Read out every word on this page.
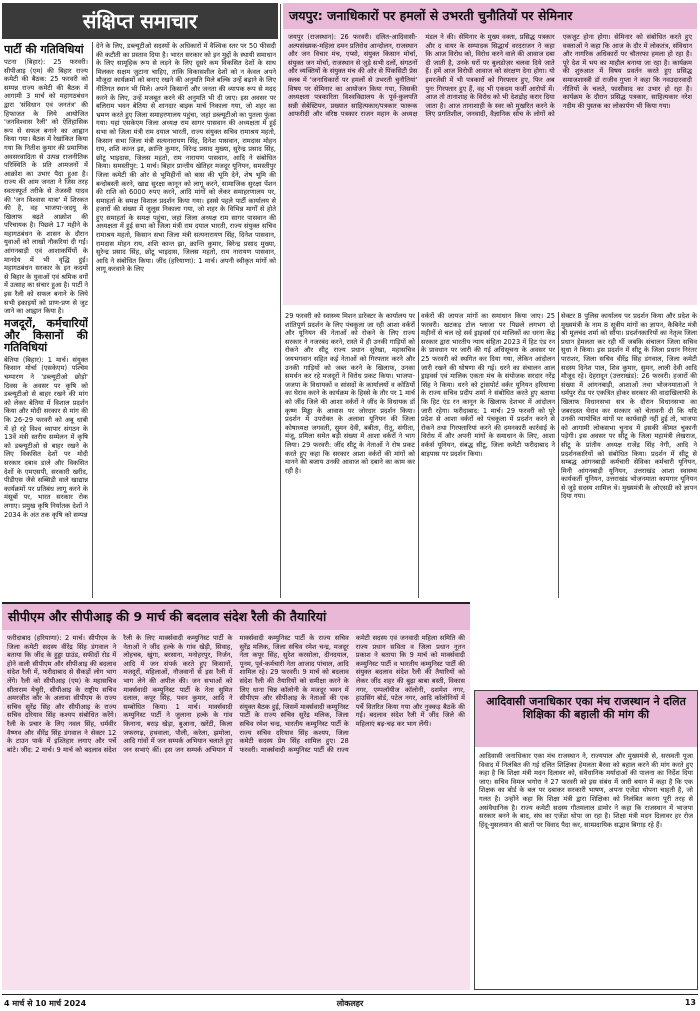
संक्षिप्त समाचार
पार्टी की गतिविधियां

पटना (बिहार): 25 फरवरी। सीपीआइ (एम) की बिहार राज्य कमेटी की बैठक: 25 फरवरी को सम्पन्न राज्य कमेटी की बैठक में आगामी 3 मार्च को महागठबंधन द्वारा 'संविधान एवं जनतंत्र' की हिफाजत के लिये आयोजित 'जनविश्वास रैली' को ऐतिहासिक रूप से सफल बनाने का आह्वान किया गया। बैठक में रेखांकित किया गया कि नितीश कुमार की प्रमाणिक अवसरवादिता से उत्पन्न राजनीतिक परिस्थिति के प्रति आमजनों में आक्रोश का उभार पैदा हुआ है। राज्य की आम जनता ने जिस तरह स्वतःस्फूर्त तरीके से तेजस्वी यादव की 'जन विश्वास यात्रा' में शिरकत की है, वह भाजपा-जदयू के खिलाफ बढ़ते आक्रोश की परिचायक है। पिछले 17 महीने के महागठबंधन के शासन के दौरान युवाओं को लाखों नौकरियां दी गईं। आंगनबाड़ी एवं आशाकर्मियों के मानदेय में भी वृद्धि हुई। महागठबंधन सरकार के इन कदमों से बिहार के युवाओं एवं श्रमिक वर्गों में उत्साह का संचार हुआ है। पार्टी ने इस रैली को सफल बनाने के लिये सभी इकाइयों को प्राण-प्रण से जुट जाने का आह्वान किया है।

मजदूरों, कर्मचारियों और किसानों की गतिविधियां

बेतिया (बिहार): 1 मार्च। संयुक्त किसान मोर्चा (एसकेएम) पश्चिम चम्पारण ने 'डब्ल्यूटीओ छोड़ो' दिवस के अवसर पर कृषि को डब्ल्यूटीओ से बाहर रखने की मांग को लेकर बेतिया में विशाल प्रदर्शन किया और मोदी सरकार से मांग की कि 26-29 फरवरी को अबू धाबी में हो रहे विश्व व्यापार संगठन के 13वें मंत्री स्तरीय सम्मेलन में कृषि को डब्ल्यूटीओ से बाहर रखने के लिए विकसित देशों पर मोदी सरकार दबाव डाले और विकसित देशों के एमएसपी, सरकारी खरीद, पीडीएस जैसे सब्सिडी वाले खाद्यान्न कार्यक्रमों पर प्रतिबंध लागू करने के मंसूबों पर, भारत सरकार रोक लगाए। प्रमुख कृषि निर्यातक देशों ने 2034 के अंत तक कृषि को सम्पन्न

देने के लिए, डब्ल्यूटीओ सदस्यों के अधिकारों में वैश्विक स्तर पर 50 फीसदी की कटौती का प्रस्ताव दिया है। भारत सरकार को इन मुद्दों के स्थायी समाधान के लिए सामूहिक रूप से लड़ने के लिए दूसरे कम विकसित देशों के साथ मिलकर सक्षम जुटाना चाहिए, ताकि विकासशील देशों को न केवल अपने मौजूदा कार्यक्रमों को बनाए रखने की अनुमति मिले बल्कि उन्हें बढ़ाने के लिए नीतिगत स्थान भी मिले। अपने किसानों और जनता की व्यापक रूप से मदद करने के लिए, उन्हें मजबूत करने की अनुमति भी दी जाए। इस अवसर पर बलिराम भवन बेतिया से शानदार बाइक मार्च निकाला गया, जो शहर का भ्रमण करते हुए जिला समाहरणालय पहुंचा, जहां डब्ल्यूटीओ का पुतला फूंका गया। यहां एसकेएम जिला अध्यक्ष राम सागर पासवान की अध्यक्षता में हुई सभा को जिला मंत्री राम दयाल भारती, राज्य संयुक्त सचिव रामाश्रय महतो, किसान सभा जिला मंत्री सत्यनारायण सिंह, दिनेश पासवान, रामदास मोहन राय, शशि कान्त झा, क्रान्ति कुमार, विरेन्द्र प्रसाद मुख्या, सुरेन्द्र प्रसाद सिंह, छोटू भाइदास, जिलस महतो, राम नारायण पासवान, आदि ने संबोधित किया। समस्तीपुर: 1 मार्च। बिहार प्रान्तीय खेतिहर मजदूर यूनियन, समस्तीपुर जिला कमेटी की ओर से भूमिहीनों को बास की भूमि देने, शेष भूमि की बन्दोबस्ती करने, खाद्य सुरक्षा कानून को लागू करने, सामाजिक सुरक्षा पेंशन की राशि को 6000 रुपए करने, आदि मांगों को लेकर समाहरणालय पर, समाहर्ता के समक्ष विशाल प्रदर्शन किया गया। इससे पहले पार्टी कार्यालय से हजारों की संख्या में जुलूस निकाला गया, जो शहर के विभिन्न मार्गों से होते हुए समाहर्ता के समक्ष पहुंचा, जहां जिला अध्यक्ष राम सागर पासवान की अध्यक्षता में हुई सभा को जिला मंत्री राम दयाल भारती, राज्य संयुक्त सचिव रामाश्रय महतो, किसान सभा जिला मंत्री सत्यनारायण सिंह, दिनेश पासवान, रामदास मोहन राय, शशि कान्त झा, क्रान्ति कुमार, बिरेन्द्र प्रसाद मुख्या, सुरेन्द्र प्रसाद सिंह, छोटू भाइदास, जिलस महतो, राम नारायण पासवान, आदि ने संबोधित किया। जींद (हरियाणा): 1 मार्च। अपनी स्वीकृत मांगों को लागू करवाने के लिए

जयपुर: जनाधिकारों पर हमलों से उभरती चुनौतियों पर सेमिनार

जयपुर (राजस्थान): 26 फरवरी। दलित-आदिवासी-अल्पसंख्यक-महिला दमन प्रतिरोध आन्दोलन, राजस्थान और जन विचार मंच, एप्सो, संयुक्त किसान मोर्चा, संयुक्त जन मोर्चा, राजस्थान से जुड़े सभी दलों, संगठनों और व्यक्तियों के संयुक्त मंच की ओर से पिंकसिटी प्रेस क्लब में 'जनाधिकारों पर हमलों से उभरती चुनौतियां' विषय पर सेमिनार का आयोजन किया गया, जिसकी अध्यक्षता पत्रकारिता विश्वविद्यालय के पूर्व-कुलपति सन्नी सेबेस्टियन, प्रख्यात साहित्यकार/पत्रकार फारूक आफरीदी और वरिष्ठ पत्रकार राजन महान के अध्यक्ष मंडल ने की। सेमिनार के मुख्य वक्ता, प्रसिद्ध पत्रकार और द वायर के सम्पादक सिद्धार्थ वरदराजन ने कहा कि आज विरोध को, विरोध करने वाले की आवाज दबा दी जाती है, उनके घरों पर बुलडोज़र चलवा दिये जाते हैं। हमें आज विरोधी आवाज को संरक्षण देना होगा। यो इमरजेंसी में भी पत्रकारों को गिरफ्तार हुए, फिर अब पुनः गिरफ्तार हुए हैं, वह भी एकदम फर्जी आरोपों में। आज तो तानाशाह के विरोध को भी देशद्रोह करार दिया जाता है। आज तानाशाही के स्वर को मुखरित करने के लिए प्रगतिशील, जनवादी, वैज्ञानिक सोच के लोगों को एकजुट होना होगा। सेमिनार को संबोधित करते हुए वक्ताओं ने कहा कि आज के दौर में लोकतंत्र, संविधान और नागरिक अधिकारों पर चौतरफा हमला हो रहा है। पूरे देश में भय का माहौल बनाया जा रहा है। कार्यक्रम की शुरुआत में विषय प्रवर्तन करते हुए प्रसिद्ध समाजशास्त्री डॉ राजीव गुप्ता ने कहा कि नवउदारवादी नीतियों के चलते, फासीवाद का उभार हो रहा है। कार्यक्रम के दौरान प्रसिद्ध पत्रकार, साहित्यकार नरेश नदीम की पुस्तक का लोकार्पण भी किया गया।

29 फरवरी को स्वास्थ्य मिशन डारेक्टर के कार्यालय पर शांतिपूर्ण प्रदर्शन के लिए पंचकूला जा रही आशा वर्करों और यूनियन की नेताओं को रोकने के लिए राज्य सरकार ने नजरबंद करने, रास्ते में ही उनकी गाड़ियों को रोकने और सीटू राज्य प्रधान सुरेखा, महासचिव जयभगवान सहित कई नेताओं को गिरफ्तार करने और उनकी गाड़ियों को जब्त करने के खिलाफ, उनका समर्थन कर रहे मजदूरों ने विरोध प्रकट किया। भाजपा-जजपा के विधायकों व सांसदों के कार्यालयों व कोठियों का घेराव करने के कार्यक्रम के हिस्से के तौर पर 1 मार्च को जींद जिले की आशा वर्करों ने जींद के विधायक डॉ कृष्ण मिड्ढा के आवास पर जोरदार प्रदर्शन किया। प्रदर्शन में उपरोक्त के अलावा यूनियन की जिला कोषाध्यक्ष जगवती, सुमन देवी, बबीता, रीतू, संगीता, मंजू, प्रमिला समेत बड़ी संख्या में आशा वर्करों ने भाग लिया। 29 फरवरी: जींद सीटू के नेताओं ने रोष प्रकट करते हुए कहा कि सरकार आशा वर्करों की मांगों को मानने की बजाय उनकी आवाज को दबाने का काम कर रही है।

वर्करों की जायज मांगों का समाधान किया जाए। 25 फरवरी। खटकड़ टोल प्लाजा पर पिछले लगभग दो महीनों से चल रहे सर्व ड्राइवर्स एवं मालिकों का धरना केंद्र सरकार द्वारा भारतीय न्याय संहिता 2023 में हिट एंड रन के प्रावधान पर जारी की गई अधिसूचना के अवसर पर 25 फरवरी को स्थगित कर दिया गया, लेकिन आंदोलन जारी रखने की घोषणा की गई। धरने का संचालन आल ड्राइवर्स एवं मालिक एकता मंच के संयोजक सरदार नरेंद्र सिंह ने किया। धरने को ट्रांसपोर्ट वर्कर यूनियन हरियाणा के राज्य सचिव प्रदीप शर्मा ने संबोधित करते हुए बताया कि हिट एंड रन कानून के खिलाफ देशभर में आंदोलन जारी रहेगा। फरीदाबाद: 1 मार्च। 29 फरवरी को पूरे प्रदेश से आशा वर्करों को पंचकूला में प्रदर्शन करने से रोकने तथा गिरफ्तारियां करने की दमनकारी कार्रवाई के विरोध में और अपनी मांगों के समाधान के लिए, आशा वर्कर्स यूनियन, संबद्ध सीटू, जिला कमेटी फरीदाबाद ने बाइपास पर प्रदर्शन किया।

सेक्टर 8 पुलिस कार्यालय पर प्रदर्शन किया और प्रदेश के मुख्यमंत्री के नाम 8 सूत्रीय मांगों का ज्ञापन, कैबिनेट मंत्री श्री मूलचंद शर्मा को सौंपा। प्रदर्शनकारियों का नेतृत्व जिला प्रधान हेमलता कर रही थीं जबकि संचालन जिला सचिव सुधा ने किया। इस प्रदर्शन में सीटू के जिला प्रधान निरंतर पाराशर, जिला सचिव वीरेंद्र सिंह डंगवाल, जिला कमेटी सदस्य दिनेश पाल, शिव कुमार, सुमन, लाली देवी आदि मौजूद रहे। देहरादून (उत्तराखंड): 26 फरवरी। हजारों की संख्या में आंगनबाड़ी, आशाओं तथा भोजनमाताओं ने धर्मपुर रोड पर एकत्रित होकर सरकार की वादाखिलाफी के खिलाफ विधानसभा सत्र के दौरान विधानसभा का जबरदस्त घेराव कर सरकार को चेतावनी दी कि यदि उनकी न्यायोचित मांगों पर कार्यवाही नहीं हुई तो, भाजपा को आगामी लोकसभा चुनाव में इसकी कीमत चुकानी पड़ेगी। इस अवसर पर सीटू के जिला महामंत्री लेखराज, सीटू के प्रांतीय अध्यक्ष राजेंद्र सिंह नेगी, आदि ने प्रदर्शनकारियों को संबोधित किया। प्रदर्शन में सीटू से सम्बद्ध आंगनबाड़ी कर्मचारी सेविका कर्मचारी यूनियन, मिनी आंगनबाड़ी यूनियन, उत्तराखंड आशा स्वास्थ्य कार्यकर्ती यूनियन, उत्तराखंड भोजनमाता कामगार यूनियन से जुड़े सदस्य शामिल थे। मुख्यमंत्री के ओएसडी को ज्ञापन दिया गया।

सीपीएम और सीपीआइ की 9 मार्च की बदलाव संदेश रैली की तैयारियां

फरीदाबाद (हरियाणा): 2 मार्च। सीपीएम के जिला कमेटी सदस्य वीरेंद्र सिंह डंगवाल ने बताया कि जींद के हुड्डा ग्राउंड, सफीदों रोड में होने वाली सीपीएम और सीपीआइ की बदलाव संदेश रैली में, फरीदाबाद से सैकड़ों लोग भाग लेंगे। रैली को सीपीआइ (एम) के महासचिव सीताराम येचुरी, सीपीआइ के राष्ट्रीय सचिव अमरजीत कौर के अलावा सीपीएम के राज्य सचिव सुरेंद्र सिंह और सीपीआइ के राज्य सचिव दरियाव सिंह कश्यप संबोधित करेंगे। रैली के प्रचार के लिए नवल सिंह, धर्मवीर वैष्णव और वीरेंद्र सिंह डंगवाल ने सेक्टर 12 के टाउन पार्क में इश्तिहार लगाए और पर्चे बांटे। जींद: 2 मार्च। 9 मार्च को बदलाव संदेश रैली के लिए मार्क्सवादी कम्युनिस्ट पार्टी के नेताओं ने जींद हल्के के गांव खेड़ी, सिवाह, लोहचब, खुंगा, बरसाना, मनोहरपुर, निर्जन, आदि में जन संपर्क करते हुए किसानों, मजदूरों, महिलाओं, नौजवानों से इस रैली में भाग लेने की अपील की। जन सभाओं को मार्क्सवादी कम्युनिस्ट पार्टी के नेता सुमित दलाल, कपूर सिंह, पवन कुमार, आदि ने सम्बोधित किया। 1 मार्च। मार्क्सवादी कम्युनिस्ट पार्टी ने जुलाना हल्के के गांव किनाना, बराड़ खेड़ा, बुआना, खरेंटी, किला जफरगढ़, हथवाला, पौली, करेला, झमोला, आदि गांवों में जन सम्पर्क अभियान चलाते हुए जन सभाएं कीं। इस जन सम्पर्क अभियान में मार्क्सवादी कम्युनिस्ट पार्टी के राज्य सचिव सुरेंद्र मलिक, जिला सचिव रमेश चन्द्र, मजदूर नेता कपूर सिंह, सुरेश करसोला, दीनदयाल, पूनम, पूर्व-कर्मचारी नेता आजाद पांचाल, आदि शामिल रहे। 29 फरवरी। 9 मार्च को बदलाव संदेश रैली की तैयारियों को समीक्षा करने के लिए धाना चिन्न कॉलोनी के मजदूर भवन में सीपीएम और सीपीआइ के नेताओं की एक संयुक्त बैठक हुई, जिसमें मार्क्सवादी कम्युनिस्ट पार्टी के राज्य सचिव सुरेंद्र मलिक, जिला सचिव रमेश चन्द्र, भारतीय कम्युनिस्ट पार्टी के राज्य सचिव दरियाव सिंह कश्यप, जिला कमेटी सदस्य प्रेम सिंह शामिल हुए। 28 फरवरी। मार्क्सवादी कम्युनिस्ट पार्टी की राज्य कमेटी सदस्य एवं जनवादी महिला समिति की राज्य प्रधान सविता व जिला प्रधान नूतन प्रकाश ने बताया कि 9 मार्च को मार्क्सवादी कम्युनिस्ट पार्टी व भारतीय कम्युनिस्ट पार्टी की संयुक्त बदलाव संदेश रैली की तैयारियों को लेकर जींद शहर की बुढ़ा बाबा बस्ती, विकास नगर, एम्पलॉयीज कॉलोनी, दशमेश नगर, हाउसिंग बोर्ड, पटेल नगर, आदि कॉलोनियों में पर्चे वितरित किया गया और नुक्कड़ बैठकें की गईं। बदलाव संदेश रैली में जींद जिले की महिलाएं बढ़-चढ़ कर भाग लेंगी।

आदिवासी जनाधिकार एका मंच राजस्थान ने दलित शिक्षिका की बहाली की मांग की

आदिवासी जनाधिकार एका मंच राजस्थान ने, राज्यपाल और मुख्यमंत्री से, सरस्वती पूजा विवाद में निलंबित की गई दलित शिक्षिका हेमलता बैरवा को बहाल करने की मांग करते हुए कहा है कि शिक्षा मंत्री मदन दिलावर को, संवैधानिक मर्यादाओं की पालना का निर्देश दिया जाए। सचिव विमल भगोरा ने 27 फरवरी को इस संबंध में जारी बयान में कहा है कि एक शिक्षक का बोर्ड के बल पर दबाकर सरकारी भाषण, अपना एजेंडा थोपना चाहती है, जो गलत है। उन्होंने कहा कि शिक्षा मंत्री द्वारा शिक्षिका को निलंबित करना पूरी तरह से असंवैधानिक है। राज्य कमेटी सदस्य गौतमलाल डामोर ने कहा कि राजस्थान में भाजपा सरकार बनने के बाद, संघ का एजेंडा थोपा जा रहा है। शिक्षा मंत्री मदन दिलावर हर रोज हिंदू-मुसलमान की बातों पर विवाद पैदा कर, साम्प्रदायिक सद्भाव बिगाड़ रहे हैं।

4 मार्च से 10 मार्च 2024	लोकलहर	13
